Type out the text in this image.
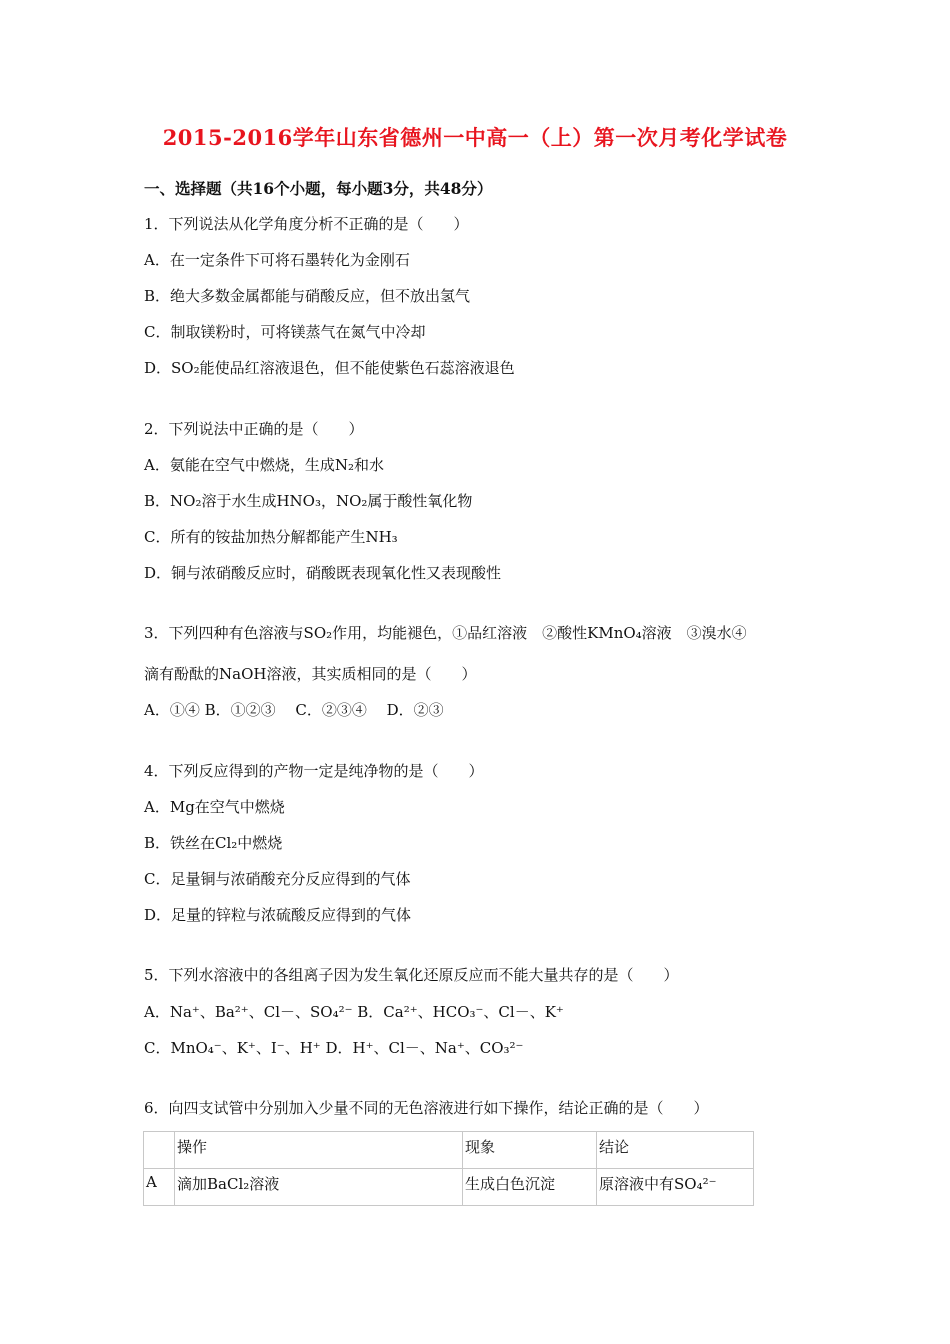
2015-2016学年山东省德州一中高一（上）第一次月考化学试卷
一、选择题（共16个小题，每小题3分，共48分）
1．下列说法从化学角度分析不正确的是（　　）
A．在一定条件下可将石墨转化为金刚石
B．绝大多数金属都能与硝酸反应，但不放出氢气
C．制取镁粉时，可将镁蒸气在氮气中冷却
D．SO₂能使品红溶液退色，但不能使紫色石蕊溶液退色
2．下列说法中正确的是（　　）
A．氨能在空气中燃烧，生成N₂和水
B．NO₂溶于水生成HNO₃，NO₂属于酸性氧化物
C．所有的铵盐加热分解都能产生NH₃
D．铜与浓硝酸反应时，硝酸既表现氧化性又表现酸性
3．下列四种有色溶液与SO₂作用，均能褪色，①品红溶液　②酸性KMnO₄溶液　③溴水④
滴有酚酞的NaOH溶液，其实质相同的是（　　）
A．①④ B．①②③　 C．②③④　 D．②③
4．下列反应得到的产物一定是纯净物的是（　　）
A．Mg在空气中燃烧
B．铁丝在Cl₂中燃烧
C．足量铜与浓硝酸充分反应得到的气体
D．足量的锌粒与浓硫酸反应得到的气体
5．下列水溶液中的各组离子因为发生氧化还原反应而不能大量共存的是（　　）
A．Na⁺、Ba²⁺、Cl－、SO₄²⁻ B．Ca²⁺、HCO₃⁻、Cl－、K⁺
C．MnO₄⁻、K⁺、I⁻、H⁺ D．H⁺、Cl－、Na⁺、CO₃²⁻
6．向四支试管中分别加入少量不同的无色溶液进行如下操作，结论正确的是（　　）
	操作	现象	结论
A	滴加BaCl₂溶液	生成白色沉淀	原溶液中有SO₄²⁻
